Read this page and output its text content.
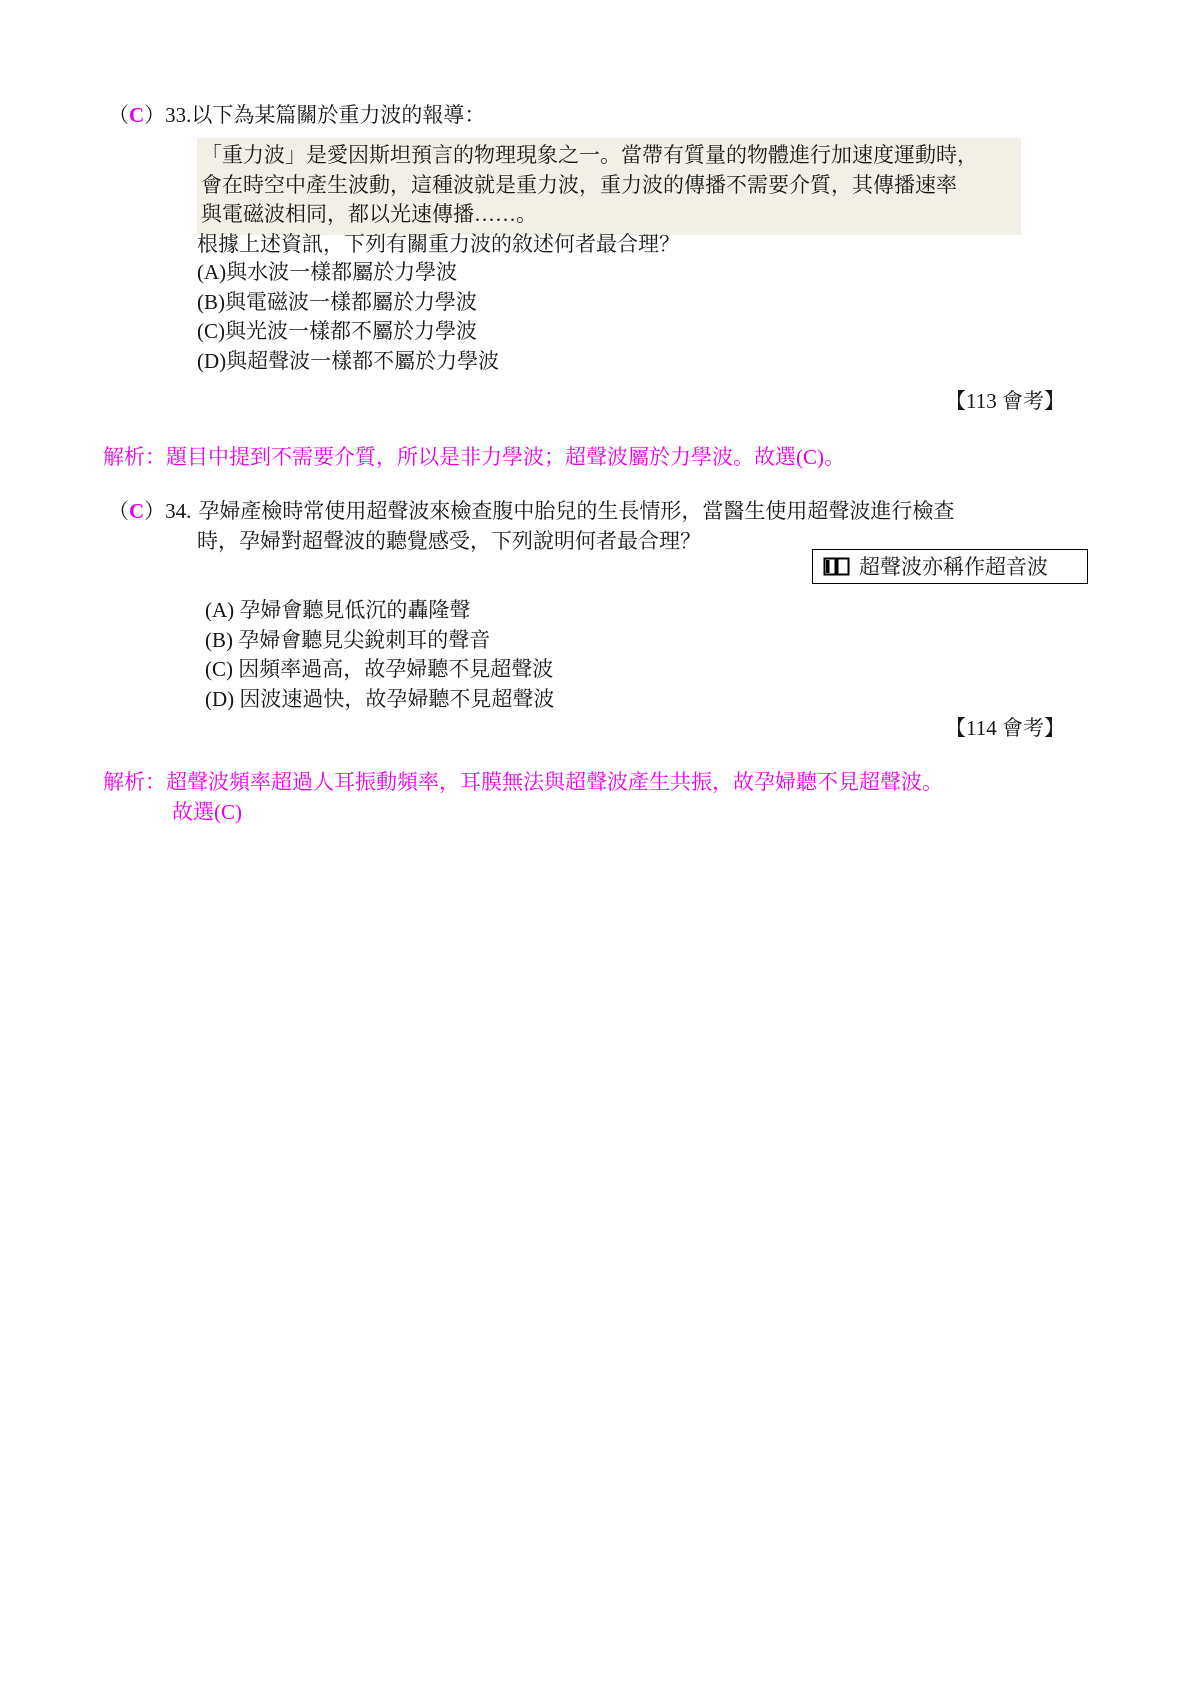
（C）33.以下為某篇關於重力波的報導：
「重力波」是愛因斯坦預言的物理現象之一。當帶有質量的物體進行加速度運動時，
會在時空中產生波動，這種波就是重力波，重力波的傳播不需要介質，其傳播速率
與電磁波相同，都以光速傳播……。
根據上述資訊，下列有關重力波的敘述何者最合理？
(A)與水波一樣都屬於力學波
(B)與電磁波一樣都屬於力學波
(C)與光波一樣都不屬於力學波
(D)與超聲波一樣都不屬於力學波
【113 會考】
解析：題目中提到不需要介質，所以是非力學波；超聲波屬於力學波。故選(C)。
（C）34. 孕婦產檢時常使用超聲波來檢查腹中胎兒的生長情形，當醫生使用超聲波進行檢查
時，孕婦對超聲波的聽覺感受，下列說明何者最合理？
超聲波亦稱作超音波
(A) 孕婦會聽見低沉的轟隆聲
(B) 孕婦會聽見尖銳刺耳的聲音
(C) 因頻率過高，故孕婦聽不見超聲波
(D) 因波速過快，故孕婦聽不見超聲波
【114 會考】
解析：超聲波頻率超過人耳振動頻率，耳膜無法與超聲波產生共振，故孕婦聽不見超聲波。
故選(C)
